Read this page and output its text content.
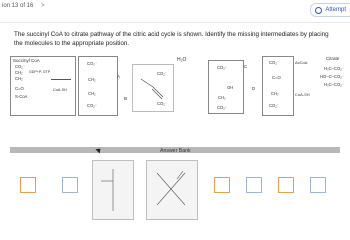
ion 13 of 16 >
Attempt
The succinyl CoA to citrate pathway of the citric acid cycle is shown. Identify the missing intermediates by placing the molecules to the appropriate position.
Succinyl CoA
CO₂⁻
CH₂
CH₂
C=O
S-CoA
GDP+Pᵢ GTP
CoA-SH
CO₂⁻
CH₂
CH₂
CO₂⁻
A
CO₂⁻
CO₂⁻
B
H₂O
CO₂⁻
OH
CH₂
CO₂⁻
C
CO₂⁻
C=O
CH₂
CO₂⁻
D
AcCoA
CoA-SH
Citrate
H₂C–CO₂⁻
HO–C–CO₂⁻
H₂C–CO₂⁻
Answer Bank
